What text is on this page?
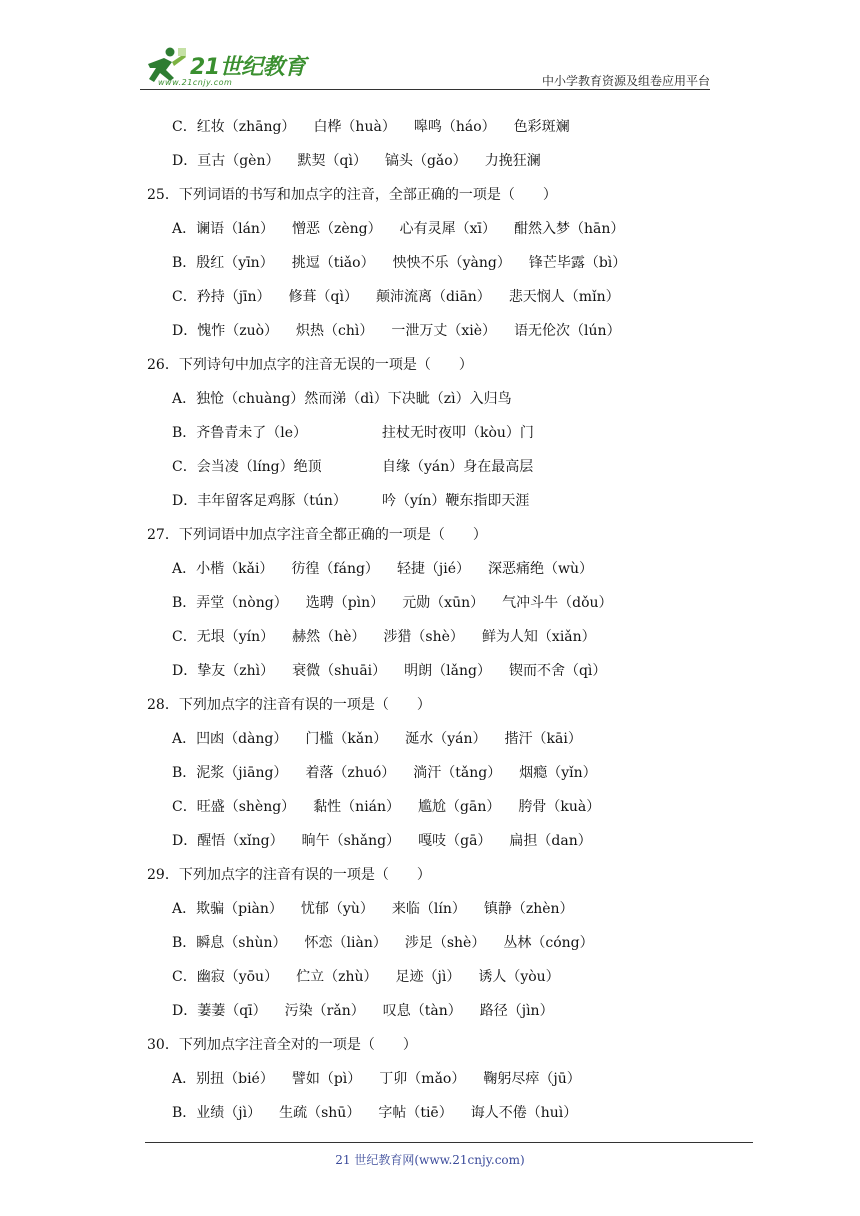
21世纪教育
www.21cnjy.com	中小学教育资源及组卷应用平台
C．红妆（zhāng） 白桦（huà） 嗥鸣（háo） 色彩斑斓
D．亘古（gèn） 默契（qì） 镐头（gǎo） 力挽狂澜
25．下列词语的书写和加点字的注音，全部正确的一项是（　　）
A．谰语（lán） 憎恶（zèng） 心有灵犀（xī） 酣然入梦（hān）
B．殷红（yīn） 挑逗（tiǎo） 怏怏不乐（yàng） 锋芒毕露（bì）
C．矜持（jīn） 修葺（qì） 颠沛流离（diān） 悲天悯人（mǐn）
D．愧怍（zuò） 炽热（chì） 一泄万丈（xiè） 语无伦次（lún）
26．下列诗句中加点字的注音无误的一项是（　　）
A．独怆（chuàng）然而涕（dì）下决眦（zì）入归鸟
B．齐鲁青未了（le）	拄杖无时夜叩（kòu）门
C．会当凌（líng）绝顶	自缘（yán）身在最高层
D．丰年留客足鸡豚（tún）	吟（yín）鞭东指即天涯
27．下列词语中加点字注音全都正确的一项是（　　）
A．小楷（kǎi） 彷徨（fáng） 轻捷（jié） 深恶痛绝（wù）
B．弄堂（nòng） 选聘（pìn） 元勋（xūn） 气冲斗牛（dǒu）
C．无垠（yín） 赫然（hè） 涉猎（shè） 鲜为人知（xiǎn）
D．挚友（zhì） 衰微（shuāi） 明朗（lǎng） 锲而不舍（qì）
28．下列加点字的注音有误的一项是（　　）
A．凹凼（dàng） 门槛（kǎn） 涎水（yán） 揩汗（kāi）
B．泥浆（jiāng） 着落（zhuó） 淌汗（tǎng） 烟瘾（yǐn）
C．旺盛（shèng） 黏性（nián） 尴尬（gān） 胯骨（kuà）
D．醒悟（xǐng） 晌午（shǎng） 嘎吱（gā） 扁担（dan）
29．下列加点字的注音有误的一项是（　　）
A．欺骗（piàn） 忧郁（yù） 来临（lín） 镇静（zhèn）
B．瞬息（shùn） 怀恋（liàn） 涉足（shè） 丛林（cóng）
C．幽寂（yōu） 伫立（zhù） 足迹（jì） 诱人（yòu）
D．萋萋（qī） 污染（rǎn） 叹息（tàn） 路径（jìn）
30．下列加点字注音全对的一项是（　　）
A．别扭（bié） 譬如（pì） 丁卯（mǎo） 鞠躬尽瘁（jū）
B．业绩（jì） 生疏（shū） 字帖（tiē） 诲人不倦（huì）
21 世纪教育网(www.21cnjy.com)
